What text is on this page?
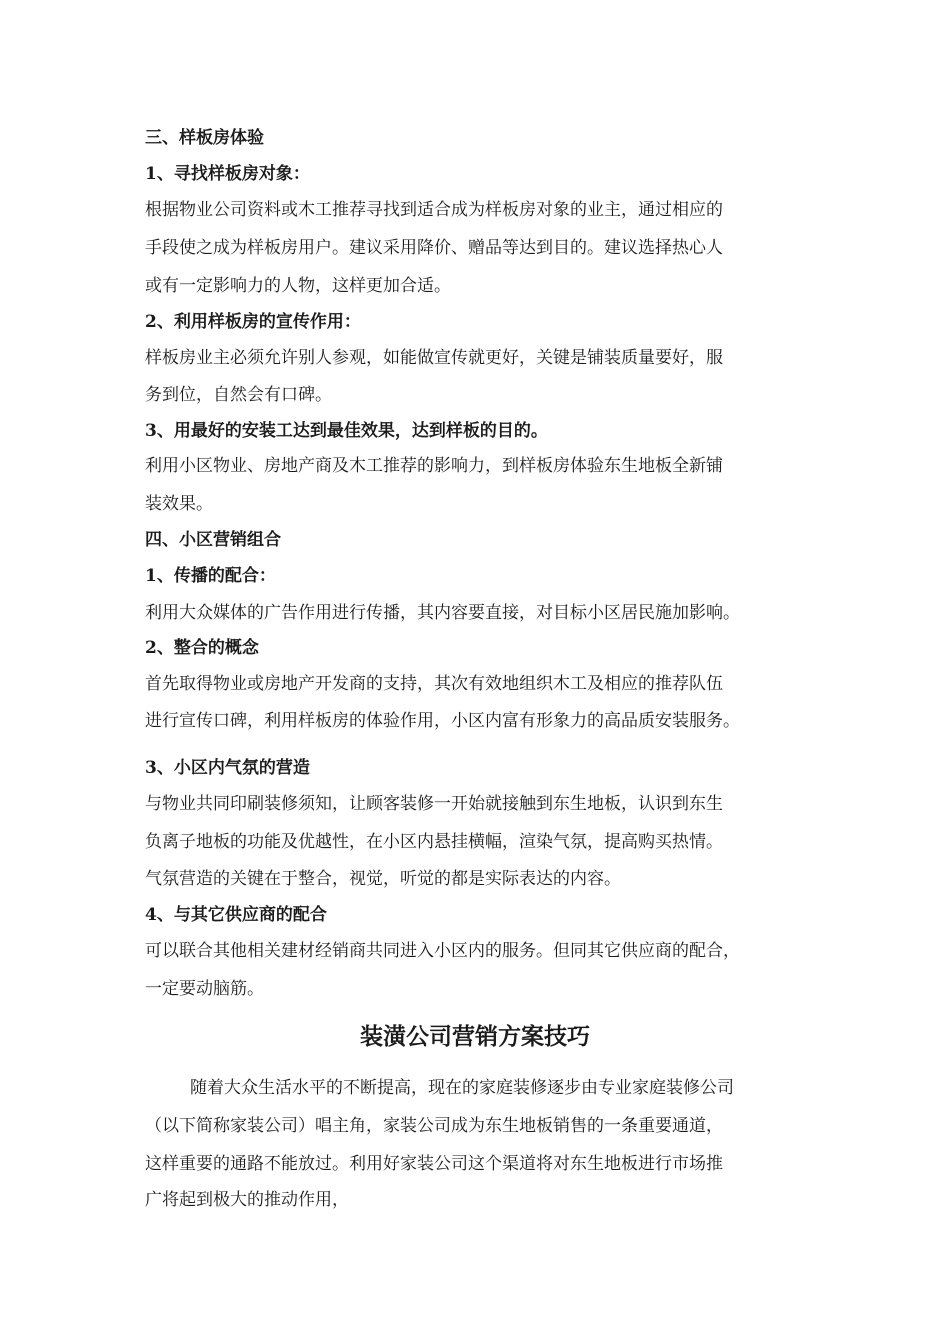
三、样板房体验
1、寻找样板房对象：
根据物业公司资料或木工推荐寻找到适合成为样板房对象的业主，通过相应的
手段使之成为样板房用户。建议采用降价、赠品等达到目的。建议选择热心人
或有一定影响力的人物，这样更加合适。
2、利用样板房的宣传作用：
样板房业主必须允许别人参观，如能做宣传就更好，关键是铺装质量要好，服
务到位，自然会有口碑。
3、用最好的安装工达到最佳效果，达到样板的目的。
利用小区物业、房地产商及木工推荐的影响力，到样板房体验东生地板全新铺
装效果。
四、小区营销组合
1、传播的配合：
利用大众媒体的广告作用进行传播，其内容要直接，对目标小区居民施加影响。
2、整合的概念
首先取得物业或房地产开发商的支持，其次有效地组织木工及相应的推荐队伍
进行宣传口碑，利用样板房的体验作用，小区内富有形象力的高品质安装服务。
3、小区内气氛的营造
与物业共同印刷装修须知，让顾客装修一开始就接触到东生地板，认识到东生
负离子地板的功能及优越性，在小区内悬挂横幅，渲染气氛，提高购买热情。
气氛营造的关键在于整合，视觉，听觉的都是实际表达的内容。
4、与其它供应商的配合
可以联合其他相关建材经销商共同进入小区内的服务。但同其它供应商的配合，
一定要动脑筋。
装潢公司营销方案技巧
随着大众生活水平的不断提高，现在的家庭装修逐步由专业家庭装修公司
（以下简称家装公司）唱主角，家装公司成为东生地板销售的一条重要通道，
这样重要的通路不能放过。利用好家装公司这个渠道将对东生地板进行市场推
广将起到极大的推动作用，
